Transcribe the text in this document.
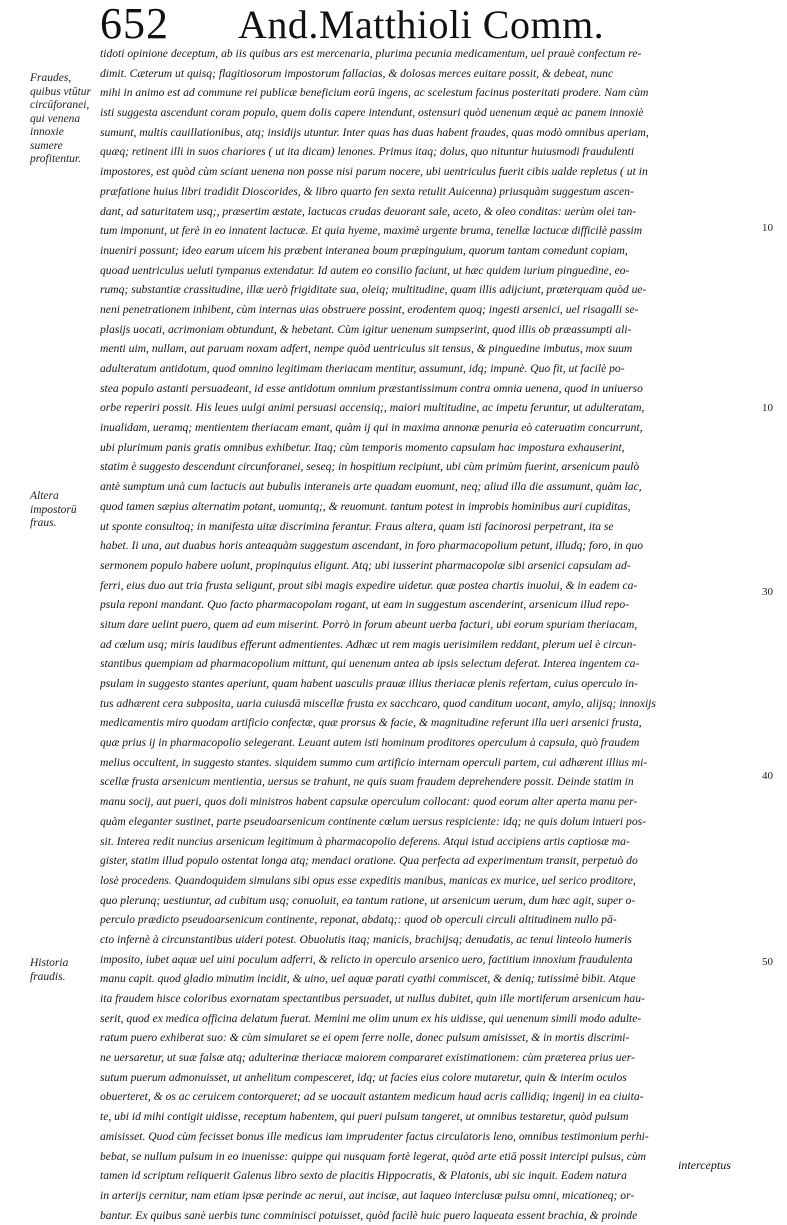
652 And.Matthioli Comm.
Fraudes, quibus vtūtur circūforanei, qui venena innoxie sumere profitentur.
Altera impostorū fraus.
Historia fraudis.
10
10
30
40
50
tidoti opinione deceptum, ab iis quibus ars est mercenaria, plurima pecunia medicamentum, uel prauè confectum re-
dimit. Cæterum ut quisq; flagitiosorum impostorum fallacias, & dolosas merces euitare possit, & debeat, nunc
mihi in animo est ad commune rei publicæ beneficium eorū ingens, ac scelestum facinus posteritati prodere. Nam cùm
isti suggesta ascendunt coram populo, quem dolis capere intendunt, ostensuri quòd uenenum æquè ac panem innoxiè
sumunt, multis cauillationibus, atq; insidijs utuntur. Inter quas has duas habent fraudes, quas modò omnibus aperiam,
quæq; retinent illi in suos chariores ( ut ita dicam) lenones. Primus itaq; dolus, quo nituntur huiusmodi fraudulenti
impostores, est quòd cùm sciant uenena non posse nisi parum nocere, ubi uentriculus fuerit cibis ualde repletus ( ut in
præfatione huius libri tradidit Dioscorides, & libro quarto fen sexta retulit Auicenna) priusquàm suggestum ascen-
dant, ad saturitatem usq;, præsertim æstate, lactucas crudas deuorant sale, aceto, & oleo conditas: uerùm olei tan-
tum imponunt, ut ferè in eo innatent lactucæ. Et quia hyeme, maximè urgente bruma, tenellæ lactucæ difficilè passim
inueniri possunt; ideo earum uicem his præbent interanea boum præpinguium, quorum tantam comedunt copiam,
quoad uentriculus ueluti tympanus extendatur. Id autem eo consilio faciunt, ut hæc quidem iurium pinguedine, eo-
rumq; substantiæ crassitudine, illæ uerò frigiditate sua, oleiq; multitudine, quam illis adijciunt, præterquam quòd ue-
neni penetrationem inhibent, cùm internas uias obstruere possint, erodentem quoq; ingesti arsenici, uel risagalli se-
plasijs uocati, acrimoniam obtundunt, & hebetant. Cùm igitur uenenum sumpserint, quod illis ob præassumpti ali-
menti uim, nullam, aut paruam noxam adfert, nempe quòd uentriculus sit tensus, & pinguedine imbutus, mox suum
adulteratum antidotum, quod omnino legitimam theriacam mentitur, assumunt, idq; impunè. Quo fit, ut facilè po-
stea populo astanti persuadeant, id esse antidotum omnium præstantissimum contra omnia uenena, quod in uniuerso
orbe reperiri possit. His leues uulgi animi persuasi accensiq;, maiori multitudine, ac impetu feruntur, ut adulteratam,
inualidam, ueramq; mentientem theriacam emant, quàm ij qui in maxima annonæ penuria eò cateruatim concurrunt,
ubi plurimum panis gratis omnibus exhibetur. Itaq; cùm temporis momento capsulam hac impostura exhauserint,
statim è suggesto descendunt circunforanei, seseq; in hospitium recipiunt, ubi cùm primùm fuerint, arsenicum paulò
antè sumptum unà cum lactucis aut bubulis interaneis arte quadam euomunt, neq; aliud illa die assumunt, quàm lac,
quod tamen sæpius alternatim potant, uomuntq;, & reuomunt. tantum potest in improbis hominibus auri cupiditas,
ut sponte consultoq; in manifesta uitæ discrimina ferantur. Fraus altera, quam isti facinorosi perpetrant, ita se
habet. Ii una, aut duabus horis anteaquàm suggestum ascendant, in foro pharmacopolium petunt, illudq; foro, in quo
sermonem populo habere uolunt, propinquius eligunt. Atq; ubi iusserint pharmacopolæ sibi arsenici capsulam ad-
ferri, eius duo aut tria frusta seligunt, prout sibi magis expedire uidetur. quæ postea chartis inuolui, & in eadem ca-
psula reponi mandant. Quo facto pharmacopolam rogant, ut eam in suggestum ascenderint, arsenicum illud repo-
situm dare uelint puero, quem ad eum miserint. Porrò in forum abeunt uerba facturi, ubi eorum spuriam theriacam,
ad cœlum usq; miris laudibus efferunt admentientes. Adhæc ut rem magis uerisimilem reddant, plerum uel è circun-
stantibus quempiam ad pharmacopolium mittunt, qui uenenum antea ab ipsis selectum deferat. Interea ingentem ca-
psulam in suggesto stantes aperiunt, quam habent uasculis prauæ illius theriacæ plenis refertam, cuius operculo in-
tus adhærent cera subposita, uaria cuiusdā miscellæ frusta ex sacchcaro, quod canditum uocant, amylo, alijsq; innoxijs
medicamentis miro quodam artificio confectæ, quæ prorsus & facie, & magnitudine referunt illa ueri arsenici frusta,
quæ prius ij in pharmacopolio selegerant. Leuant autem isti hominum proditores operculum à capsula, quò fraudem
melius occultent, in suggesto stantes. siquidem summo cum artificio internam operculi partem, cui adhærent illius mi-
scellæ frusta arsenicum mentientia, uersus se trahunt, ne quis suam fraudem deprehendere possit. Deinde statim in
manu socij, aut pueri, quos doli ministros habent capsulæ operculum collocant: quod eorum alter aperta manu per-
quàm eleganter sustinet, parte pseudoarsenicum continente cœlum uersus respiciente: idq; ne quis dolum intueri pos-
sit. Interea redit nuncius arsenicum legitimum à pharmacopolio deferens. Atqui istud accipiens artis captiosæ ma-
gister, statim illud populo ostentat longa atq; mendaci oratione. Qua perfecta ad experimentum transit, perpetuò do
losè procedens. Quandoquidem simulans sibi opus esse expeditis manibus, manicas ex murice, uel serico proditore,
quo plerunq; uestiuntur, ad cubitum usq; conuoluit, ea tantum ratione, ut arsenicum uerum, dum hæc agit, super o-
perculo prædicto pseudoarsenicum continente, reponat, abdatq;: quod ob operculi circuli altitudinem nullo pā-
cto infernè à circunstantibus uideri potest. Obuolutis itaq; manicis, brachijsq; denudatis, ac tenui linteolo humeris
imposito, iubet aquæ uel uini poculum adferri, & relicto in operculo arsenico uero, factitium innoxium fraudulenta
manu capit. quod gladio minutim incidit, & uino, uel aquæ parati cyathi commiscet, & deniq; tutissimè bibit. Atque
ita fraudem hisce coloribus exornatam spectantibus persuadet, ut nullus dubitet, quin ille mortiferum arsenicum hau-
serit, quod ex medica officina delatum fuerat. Memini me olim unum ex his uidisse, qui uenenum simili modo adulte-
ratum puero exhiberat suo: & cùm simularet se ei opem ferre nolle, donec pulsum amisisset, & in mortis discrimi-
ne uersaretur, ut suæ falsæ atq; adulterinæ theriacæ maiorem compararet existimationem: cùm præterea prius uer-
sutum puerum admonuisset, ut anhelitum compesceret, idq; ut facies eius colore mutaretur, quin & interim oculos
obuerteret, & os ac ceruicem contorqueret; ad se uocauit astantem medicum haud acris callidiq; ingenij in ea ciuita-
te, ubi id mihi contigit uidisse, receptum habentem, qui pueri pulsum tangeret, ut omnibus testaretur, quòd pulsum
amisisset. Quod cùm fecisset bonus ille medicus iam imprudenter factus circulatoris leno, omnibus testimonium perhi-
bebat, se nullum pulsum in eo inuenisse: quippe qui nusquam fortè legerat, quòd arte etiā possit intercipi pulsus, cùm
tamen id scriptum reliquerit Galenus libro sexto de placitis Hippocratis, & Platonis, ubi sic inquit. Eadem natura
in arterijs cernitur, nam etiam ipsæ perinde ac nerui, aut incisæ, aut laqueo interclusæ pulsu omni, micationeq; or-
bantur. Ex quibus sanè uerbis tunc comminisci potuisset, quòd facilè huic puero laqueata essent brachia, & proinde
interceptus
